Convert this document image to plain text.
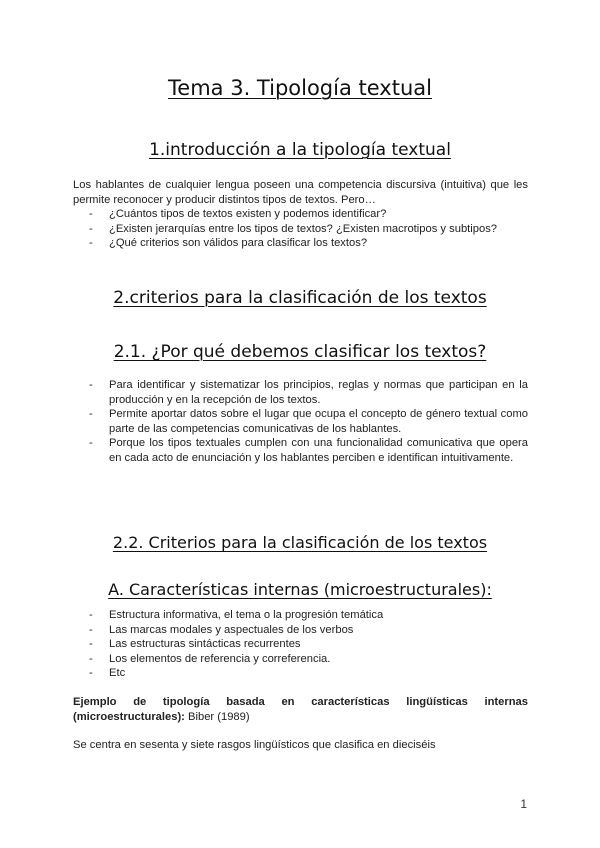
Tema 3. Tipología textual
1.introducción a la tipología textual

Los hablantes de cualquier lengua poseen una competencia discursiva (intuitiva) que les permite reconocer y producir distintos tipos de textos. Pero…

- ¿Cuántos tipos de textos existen y podemos identificar?
- ¿Existen jerarquías entre los tipos de textos? ¿Existen macrotipos y subtipos?
- ¿Qué criterios son válidos para clasificar los textos?
2.criterios para la clasificación de los textos
2.1. ¿Por qué debemos clasificar los textos?
- Para identificar y sistematizar los principios, reglas y normas que participan en la producción y en la recepción de los textos.
- Permite aportar datos sobre el lugar que ocupa el concepto de género textual como parte de las competencias comunicativas de los hablantes.
- Porque los tipos textuales cumplen con una funcionalidad comunicativa que opera en cada acto de enunciación y los hablantes perciben e identifican intuitivamente.
2.2. Criterios para la clasificación de los textos
A. Características internas (microestructurales):
- Estructura informativa, el tema o la progresión temática
- Las marcas modales y aspectuales de los verbos
- Las estructuras sintácticas recurrentes
- Los elementos de referencia y correferencia.
- Etc

Ejemplo de tipología basada en características lingüísticas internas (microestructurales): Biber (1989)

Se centra en sesenta y siete rasgos lingüísticos que clasifica en dieciséis

1
